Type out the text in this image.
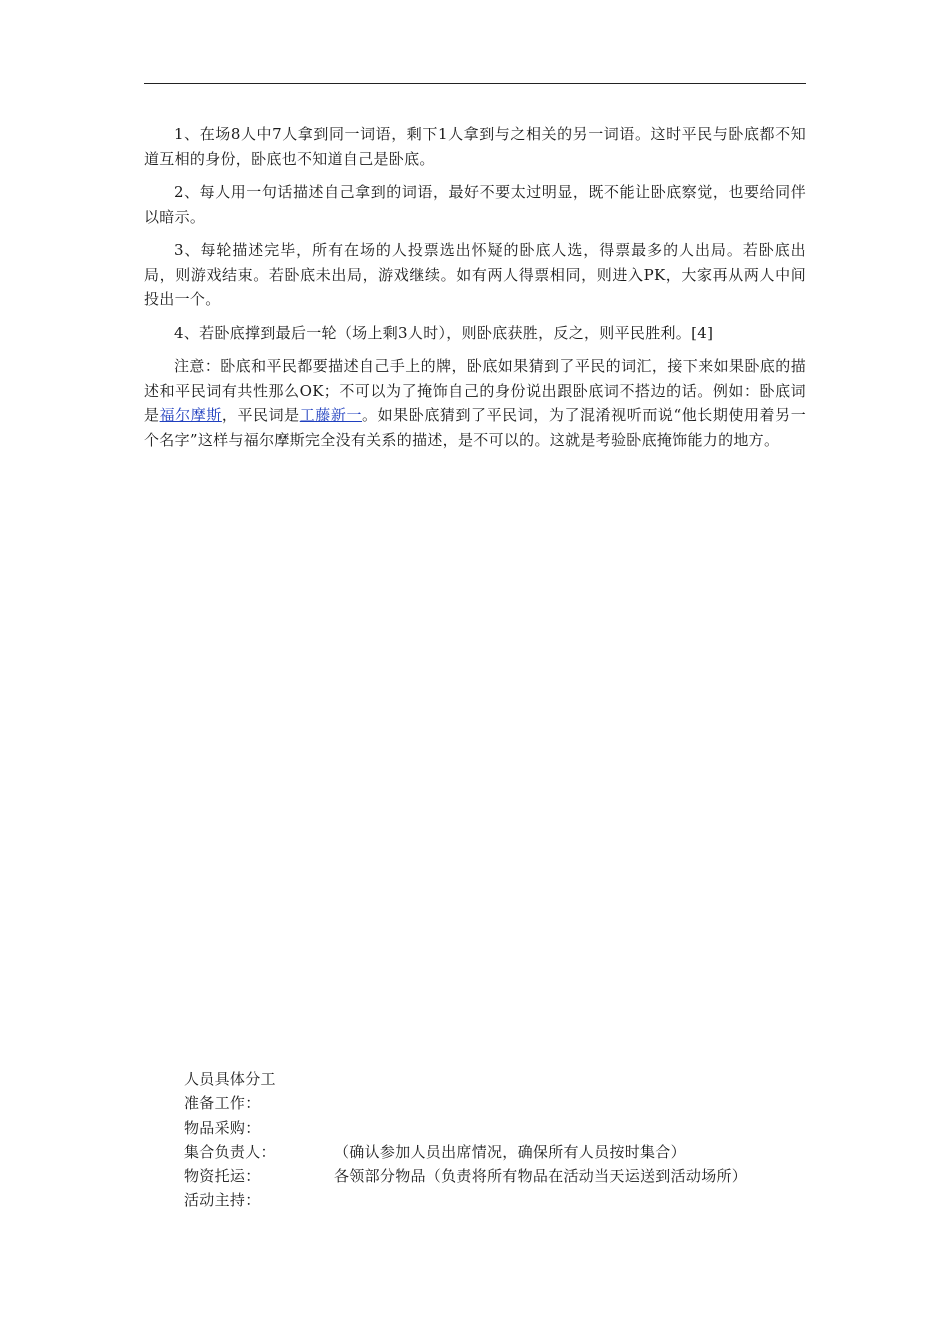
1、在场8人中7人拿到同一词语，剩下1人拿到与之相关的另一词语。这时平民与卧底都不知道互相的身份，卧底也不知道自己是卧底。

2、每人用一句话描述自己拿到的词语，最好不要太过明显，既不能让卧底察觉，也要给同伴以暗示。

3、每轮描述完毕，所有在场的人投票选出怀疑的卧底人选，得票最多的人出局。若卧底出局，则游戏结束。若卧底未出局，游戏继续。如有两人得票相同，则进入PK，大家再从两人中间投出一个。

4、若卧底撑到最后一轮（场上剩3人时），则卧底获胜，反之，则平民胜利。[4]

注意：卧底和平民都要描述自己手上的牌，卧底如果猜到了平民的词汇，接下来如果卧底的描述和平民词有共性那么OK；不可以为了掩饰自己的身份说出跟卧底词不搭边的话。例如：卧底词是福尔摩斯，平民词是工藤新一。如果卧底猜到了平民词，为了混淆视听而说“他长期使用着另一个名字”这样与福尔摩斯完全没有关系的描述，是不可以的。这就是考验卧底掩饰能力的地方。

人员具体分工
准备工作：
物品采购：
集合负责人：	（确认参加人员出席情况，确保所有人员按时集合）
物资托运：	各领部分物品（负责将所有物品在活动当天运送到活动场所）
活动主持：
